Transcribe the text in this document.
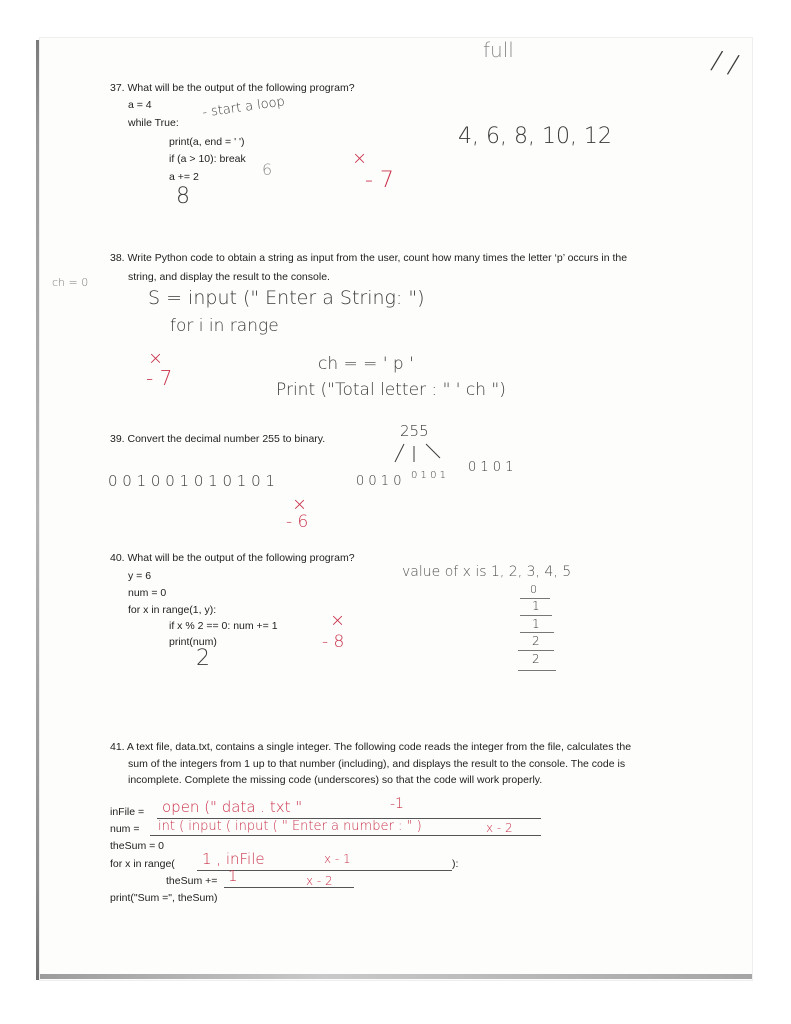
full	/ /
37. What will be the output of the following program?
a = 4
while True:
print(a, end = ' ')
if (a > 10): break
a += 2
- start a loop
4, 6, 8, 10, 12
6
8
×
- 7
38. Write Python code to obtain a string as input from the user, count how many times the letter ‘p’ occurs in the
string, and display the result to the console.
ch = 0
S = input (" Enter a String: ")
for i in range
ch = = ' p '
Print ("Total letter : " ' ch ")
×
- 7
39. Convert the decimal number 255 to binary.
0 0 1 0 0 1 0 1 0 1 0 1
255
0 0 1 0 0 1 0 1
0 1 0 1
×
- 6
40. What will be the output of the following program?
y = 6
num = 0
for x in range(1, y):
if x % 2 == 0: num += 1
print(num)
value of x is 1, 2, 3, 4, 5
0
1
1
2
2
2
×
- 8
41. A text file, data.txt, contains a single integer. The following code reads the integer from the file, calculates the
sum of the integers from 1 up to that number (including), and displays the result to the console. The code is
incomplete. Complete the missing code (underscores) so that the code will work properly.
inFile = open (" data . txt "	-1
num = int ( input ( input ( " Enter a number : " )	x - 2
theSum = 0
for x in range(	):
1 , inFile	x - 1
theSum += 1	x - 2
print("Sum =", theSum)
